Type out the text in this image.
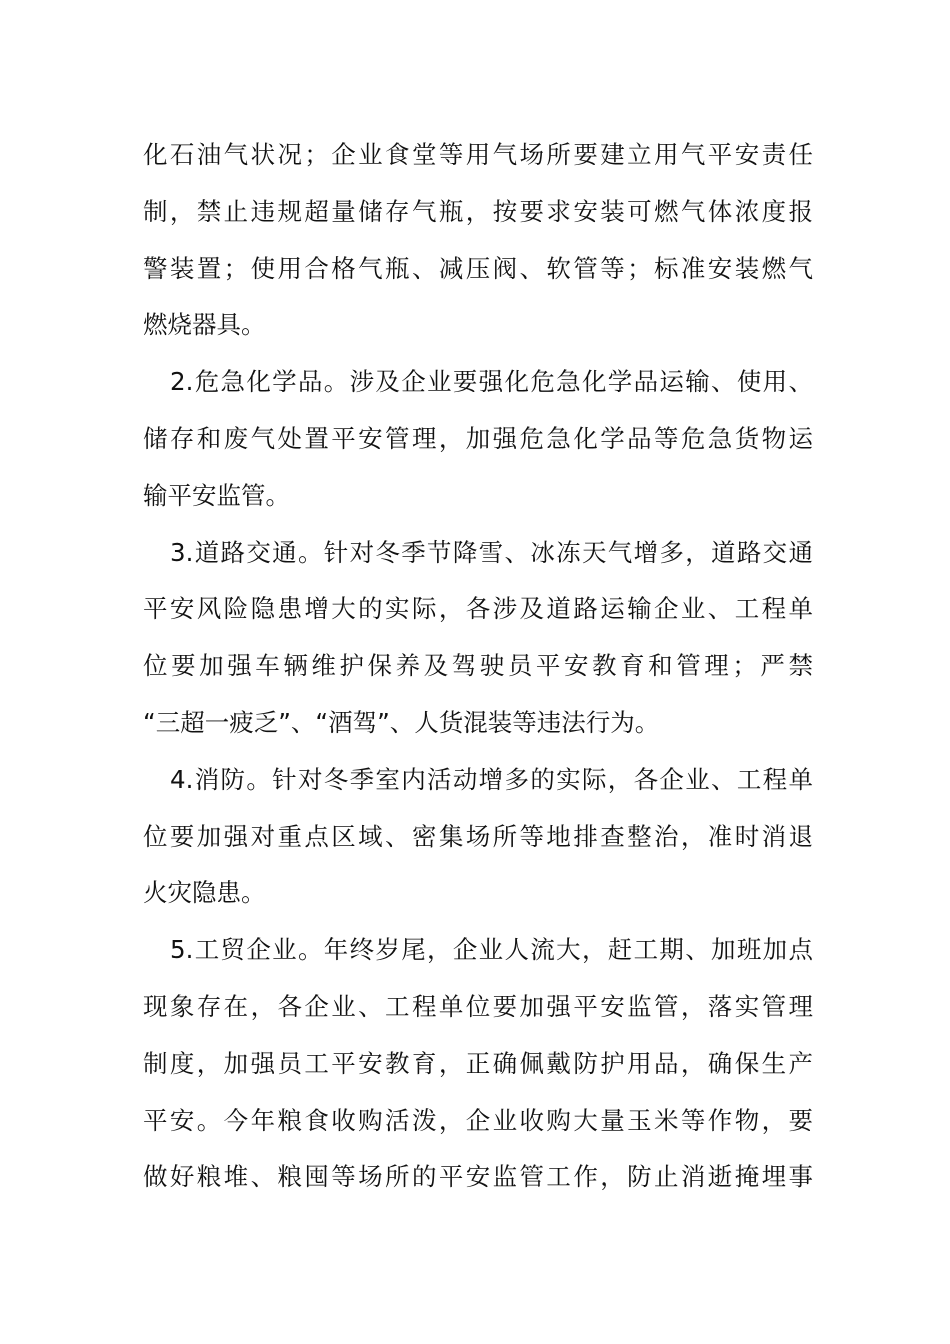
化石油气状况；企业食堂等用气场所要建立用气平安责任
制，禁止违规超量储存气瓶，按要求安装可燃气体浓度报
警装置；使用合格气瓶、减压阀、软管等；标准安装燃气
燃烧器具。
2.危急化学品。涉及企业要强化危急化学品运输、使用、
储存和废气处置平安管理，加强危急化学品等危急货物运
输平安监管。
3.道路交通。针对冬季节降雪、冰冻天气增多，道路交通
平安风险隐患增大的实际，各涉及道路运输企业、工程单
位要加强车辆维护保养及驾驶员平安教育和管理；严禁
“三超一疲乏”、“酒驾”、人货混装等违法行为。
4.消防。针对冬季室内活动增多的实际，各企业、工程单
位要加强对重点区域、密集场所等地排查整治，准时消退
火灾隐患。
5.工贸企业。年终岁尾，企业人流大，赶工期、加班加点
现象存在，各企业、工程单位要加强平安监管，落实管理
制度，加强员工平安教育，正确佩戴防护用品，确保生产
平安。今年粮食收购活泼，企业收购大量玉米等作物，要
做好粮堆、粮囤等场所的平安监管工作，防止消逝掩埋事
